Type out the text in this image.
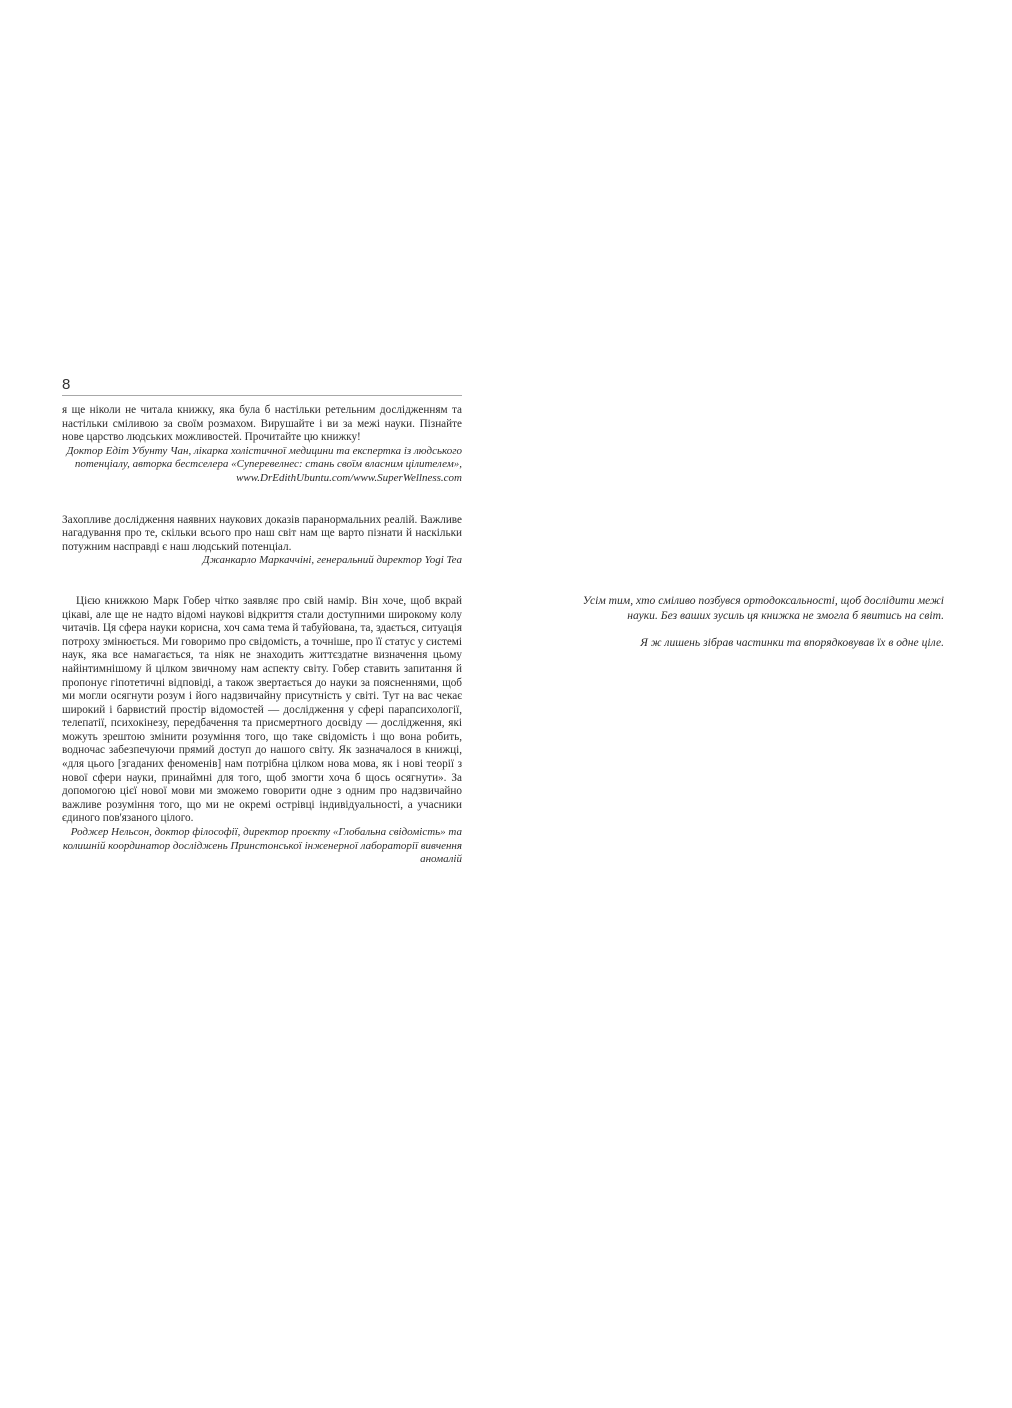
8

я ще ніколи не читала книжку, яка була б настільки ретельним дослідженням та настільки сміливою за своїм розмахом. Вирушайте і ви за межі науки. Пізнайте нове царство людських можливостей. Прочитайте цю книжку!

Доктор Едіт Убунту Чан, лікарка холістичної медицини та експертка із людського потенціалу, авторка бестселера «Суперевелнес: стань своїм власним цілителем», www.DrEdithUbuntu.com/www.SuperWellness.com

Захопливе дослідження наявних наукових доказів паранормальних реалій. Важливе нагадування про те, скільки всього про наш світ нам ще варто пізнати й наскільки потужним насправді є наш людський потенціал.

Джанкарло Маркаччіні, генеральний директор Yogi Tea

Цією книжкою Марк Гобер чітко заявляє про свій намір. Він хоче, щоб вкрай цікаві, але ще не надто відомі наукові відкриття стали доступними широкому колу читачів. Ця сфера науки корисна, хоч сама тема й табуйована, та, здається, ситуація потроху змінюється. Ми говоримо про свідомість, а точніше, про її статус у системі наук, яка все намагається, та ніяк не знаходить життєздатне визначення цьому найінтимнішому й цілком звичному нам аспекту світу. Гобер ставить запитання й пропонує гіпотетичні відповіді, а також звертається до науки за поясненнями, щоб ми могли осягнути розум і його надзвичайну присутність у світі. Тут на вас чекає широкий і барвистий простір відомостей — дослідження у сфері парапсихології, телепатії, психокінезу, передбачення та присмертного досвіду — дослідження, які можуть зрештою змінити розуміння того, що таке свідомість і що вона робить, водночас забезпечуючи прямий доступ до нашого світу. Як зазначалося в книжці, «для цього [згаданих феноменів] нам потрібна цілком нова мова, як і нові теорії з нової сфери науки, принаймні для того, щоб змогти хоча б щось осягнути». За допомогою цієї нової мови ми зможемо говорити одне з одним про надзвичайно важливе розуміння того, що ми не окремі острівці індивідуальності, а учасники єдиного пов'язаного цілого.

Роджер Нельсон, доктор філософії, директор проєкту «Глобальна свідомість» та колишній координатор досліджень Принстонської інженерної лабораторії вивчення аномалій

Усім тим, хто сміливо позбувся ортодоксальності, щоб дослідити межі науки. Без ваших зусиль ця книжка не змогла б явитись на світ.

Я ж лишень зібрав частинки та впорядковував їх в одне ціле.
